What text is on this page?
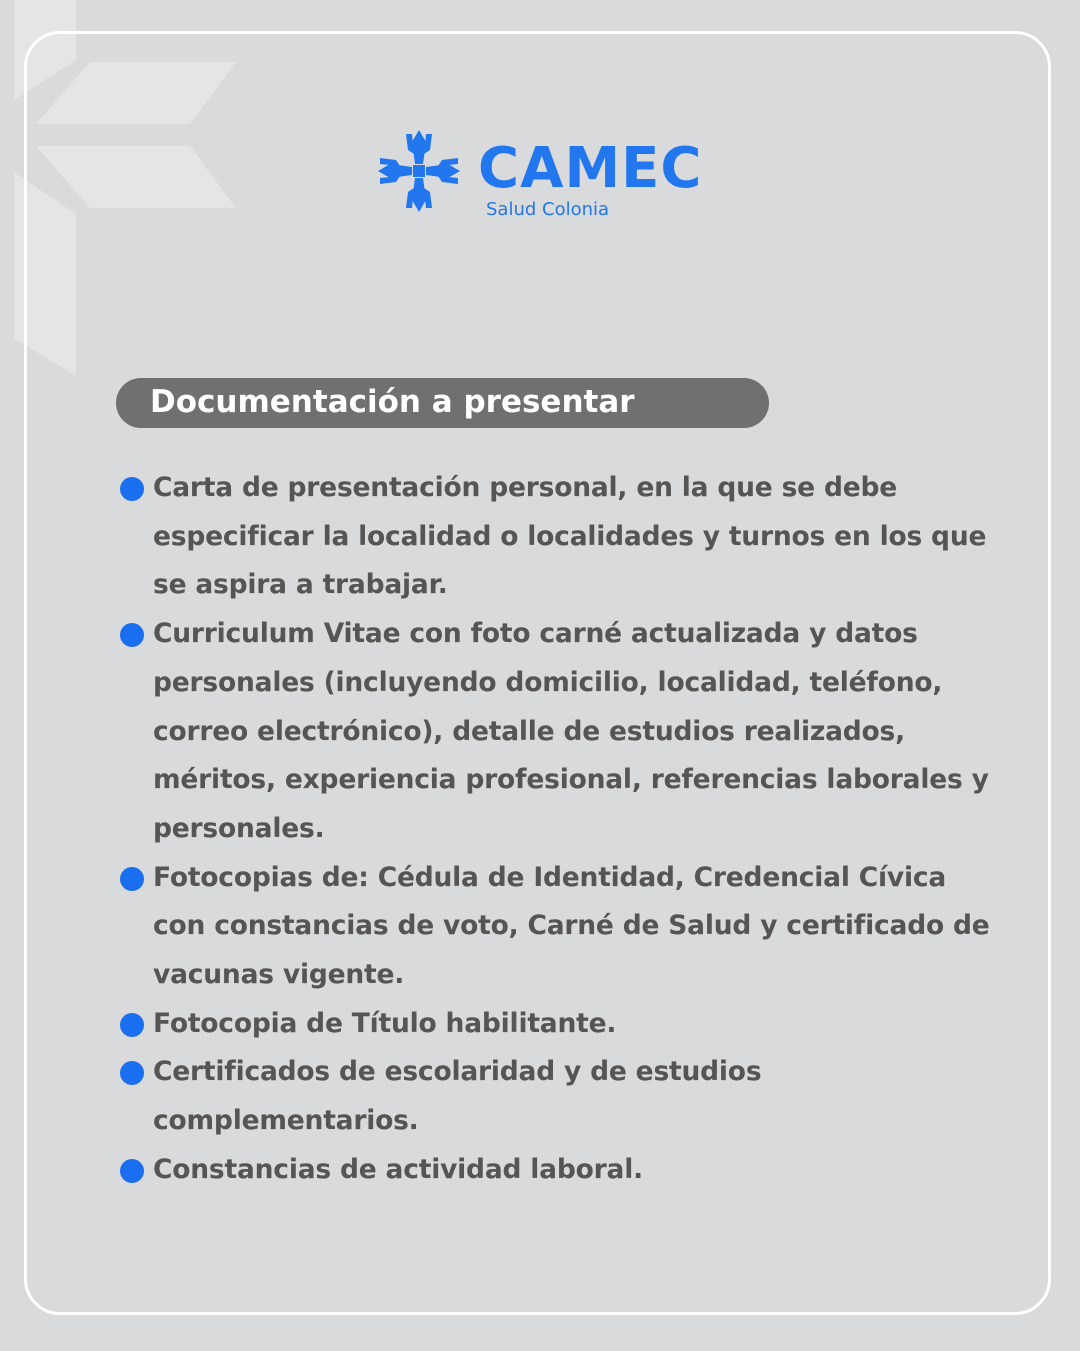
CAMEC
Salud Colonia
Documentación a presentar
Carta de presentación personal, en la que se debe especificar la localidad o localidades y turnos en los que se aspira a trabajar.
Curriculum Vitae con foto carné actualizada y datos personales (incluyendo domicilio, localidad, teléfono, correo electrónico), detalle de estudios realizados, méritos, experiencia profesional, referencias laborales y personales.
Fotocopias de: Cédula de Identidad, Credencial Cívica con constancias de voto, Carné de Salud y certificado de vacunas vigente.
Fotocopia de Título habilitante.
Certificados de escolaridad y de estudios complementarios.
Constancias de actividad laboral.
